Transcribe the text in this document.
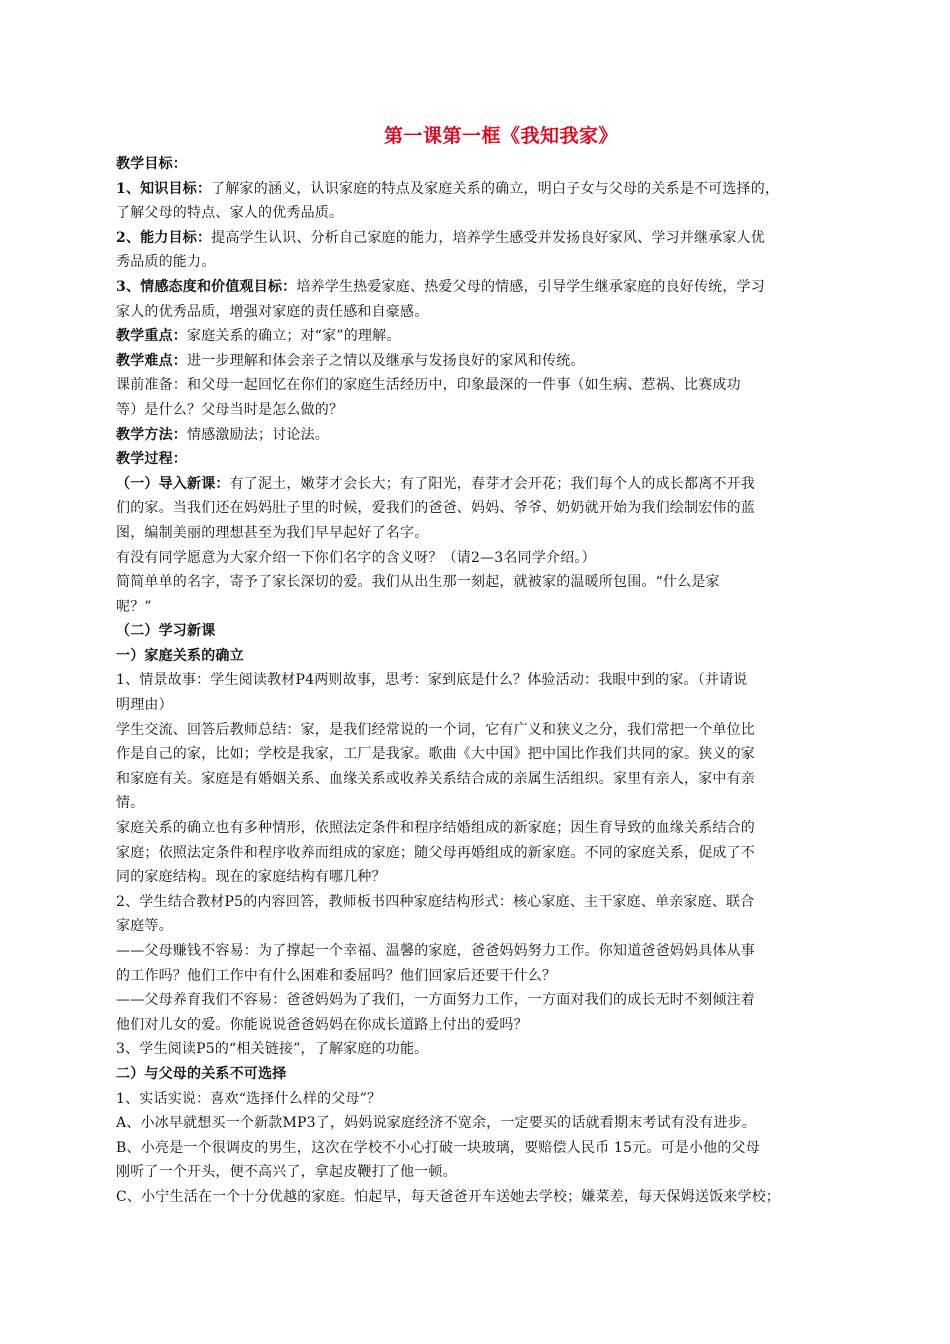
第一课第一框《我知我家》
教学目标：
1、知识目标：了解家的涵义，认识家庭的特点及家庭关系的确立，明白子女与父母的关系是不可选择的，
了解父母的特点、家人的优秀品质。
2、能力目标：提高学生认识、分析自己家庭的能力，培养学生感受并发扬良好家风、学习并继承家人优
秀品质的能力。
3、情感态度和价值观目标：培养学生热爱家庭、热爱父母的情感，引导学生继承家庭的良好传统，学习
家人的优秀品质，增强对家庭的责任感和自豪感。
教学重点：家庭关系的确立；对“家”的理解。
教学难点：进一步理解和体会亲子之情以及继承与发扬良好的家风和传统。
课前准备：和父母一起回忆在你们的家庭生活经历中，印象最深的一件事（如生病、惹祸、比赛成功
等）是什么？父母当时是怎么做的？
教学方法：情感激励法；讨论法。
教学过程：
（一）导入新课：有了泥土，嫩芽才会长大；有了阳光，春芽才会开花；我们每个人的成长都离不开我
们的家。当我们还在妈妈肚子里的时候，爱我们的爸爸、妈妈、爷爷、奶奶就开始为我们绘制宏伟的蓝
图，编制美丽的理想甚至为我们早早起好了名字。
有没有同学愿意为大家介绍一下你们名字的含义呀？（请2—3名同学介绍。）
简简单单的名字，寄予了家长深切的爱。我们从出生那一刻起，就被家的温暖所包围。“什么是家
呢？”
（二）学习新课
一）家庭关系的确立
1、情景故事：学生阅读教材P4两则故事，思考：家到底是什么？体验活动：我眼中到的家。（并请说
明理由）
学生交流、回答后教师总结：家，是我们经常说的一个词，它有广义和狭义之分，我们常把一个单位比
作是自己的家，比如；学校是我家，工厂是我家。歌曲《大中国》把中国比作我们共同的家。狭义的家
和家庭有关。家庭是有婚姻关系、血缘关系或收养关系结合成的亲属生活组织。家里有亲人，家中有亲
情。
家庭关系的确立也有多种情形，依照法定条件和程序结婚组成的新家庭；因生育导致的血缘关系结合的
家庭；依照法定条件和程序收养而组成的家庭；随父母再婚组成的新家庭。不同的家庭关系，促成了不
同的家庭结构。现在的家庭结构有哪几种？
2、学生结合教材P5的内容回答，教师板书四种家庭结构形式：核心家庭、主干家庭、单亲家庭、联合
家庭等。
——父母赚钱不容易：为了撑起一个幸福、温馨的家庭，爸爸妈妈努力工作。你知道爸爸妈妈具体从事
的工作吗？他们工作中有什么困难和委屈吗？他们回家后还要干什么？
——父母养育我们不容易：爸爸妈妈为了我们，一方面努力工作，一方面对我们的成长无时不刻倾注着
他们对儿女的爱。你能说说爸爸妈妈在你成长道路上付出的爱吗？
3、学生阅读P5的“相关链接”，了解家庭的功能。
二）与父母的关系不可选择
1、实话实说：喜欢“选择什么样的父母”？
A、小冰早就想买一个新款MP3了，妈妈说家庭经济不宽余，一定要买的话就看期末考试有没有进步。
B、小亮是一个很调皮的男生，这次在学校不小心打破一块玻璃，要赔偿人民币 15元。可是小他的父母
刚听了一个开头，便不高兴了，拿起皮鞭打了他一顿。
C、小宁生活在一个十分优越的家庭。怕起早，每天爸爸开车送她去学校；嫌菜差，每天保姆送饭来学校；
